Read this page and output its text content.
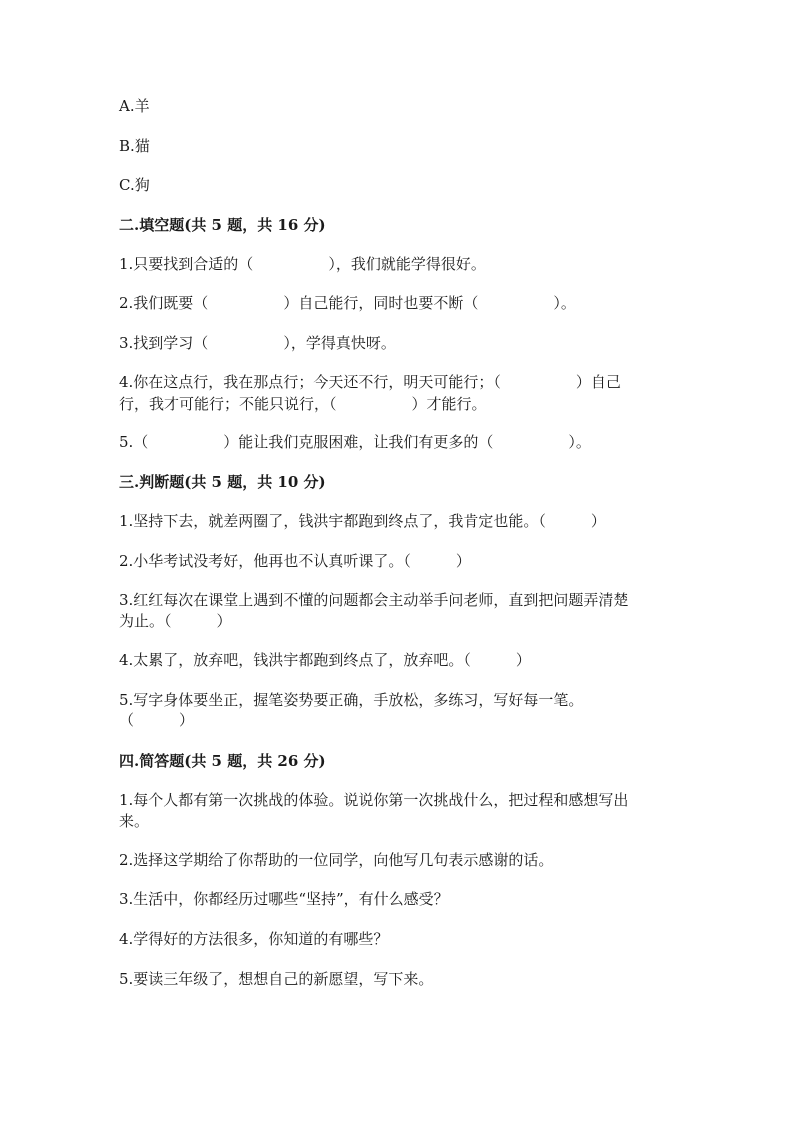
A.羊
B.猫
C.狗
二.填空题(共 5 题，共 16 分)
1.只要找到合适的（　　　　　），我们就能学得很好。
2.我们既要（　　　　　）自己能行，同时也要不断（　　　　　）。
3.找到学习（　　　　　），学得真快呀。
4.你在这点行，我在那点行；今天还不行，明天可能行；（　　　　　）自己
行，我才可能行；不能只说行，（　　　　　）才能行。
5.（　　　　　）能让我们克服困难，让我们有更多的（　　　　　）。
三.判断题(共 5 题，共 10 分)
1.坚持下去，就差两圈了，钱洪宇都跑到终点了，我肯定也能。（　　　）
2.小华考试没考好，他再也不认真听课了。（　　　）
3.红红每次在课堂上遇到不懂的问题都会主动举手问老师，直到把问题弄清楚
为止。（　　　）
4.太累了，放弃吧，钱洪宇都跑到终点了，放弃吧。（　　　）
5.写字身体要坐正，握笔姿势要正确，手放松，多练习，写好每一笔。
（　　　）
四.简答题(共 5 题，共 26 分)
1.每个人都有第一次挑战的体验。说说你第一次挑战什么，把过程和感想写出
来。
2.选择这学期给了你帮助的一位同学，向他写几句表示感谢的话。
3.生活中，你都经历过哪些“坚持”，有什么感受？
4.学得好的方法很多，你知道的有哪些？
5.要读三年级了，想想自己的新愿望，写下来。
